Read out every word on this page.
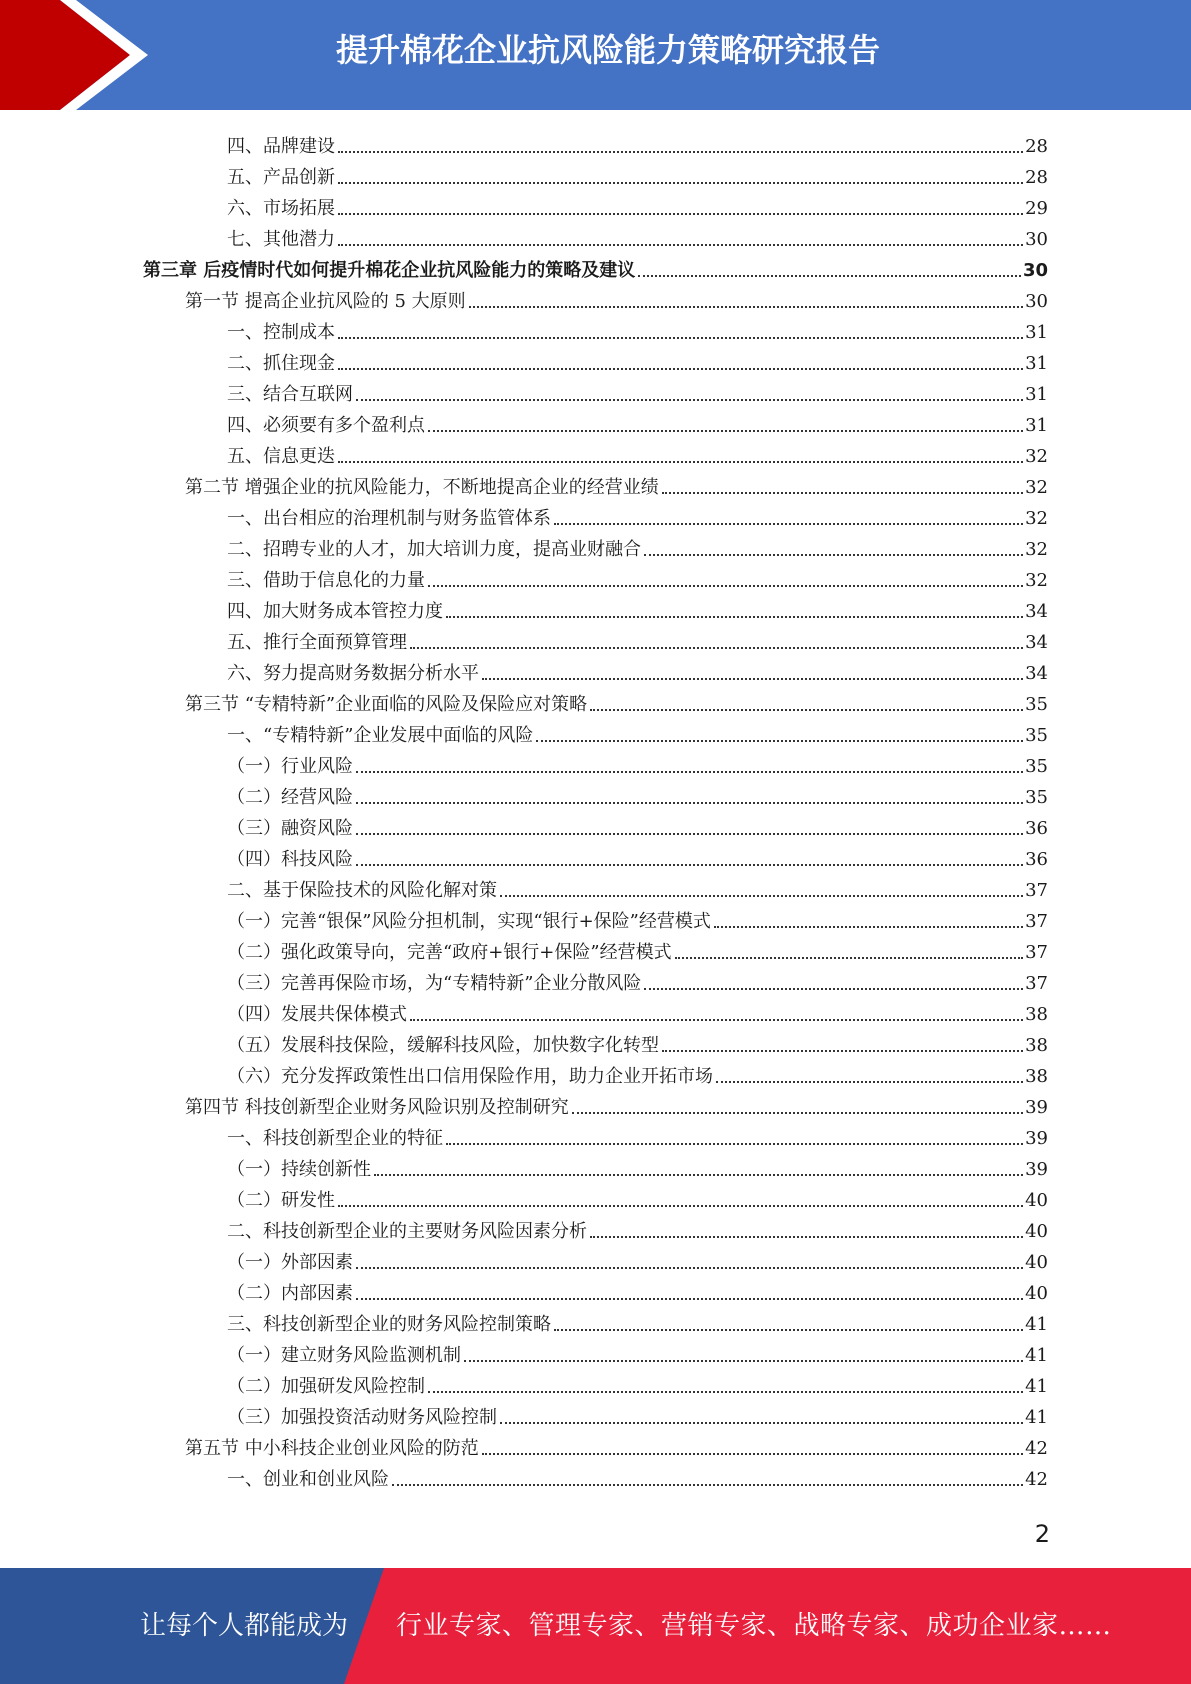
提升棉花企业抗风险能力策略研究报告
四、品牌建设	28
五、产品创新	28
六、市场拓展	29
七、其他潜力	30
第三章 后疫情时代如何提升棉花企业抗风险能力的策略及建议	30
第一节 提高企业抗风险的 5 大原则	30
一、控制成本	31
二、抓住现金	31
三、结合互联网	31
四、必须要有多个盈利点	31
五、信息更迭	32
第二节 增强企业的抗风险能力，不断地提高企业的经营业绩	32
一、出台相应的治理机制与财务监管体系	32
二、招聘专业的人才，加大培训力度，提高业财融合	32
三、借助于信息化的力量	32
四、加大财务成本管控力度	34
五、推行全面预算管理	34
六、努力提高财务数据分析水平	34
第三节 “专精特新”企业面临的风险及保险应对策略	35
一、“专精特新”企业发展中面临的风险	35
（一）行业风险	35
（二）经营风险	35
（三）融资风险	36
（四）科技风险	36
二、基于保险技术的风险化解对策	37
（一）完善“银保”风险分担机制，实现“银行+保险”经营模式	37
（二）强化政策导向，完善“政府+银行+保险”经营模式	37
（三）完善再保险市场，为“专精特新”企业分散风险	37
（四）发展共保体模式	38
（五）发展科技保险，缓解科技风险，加快数字化转型	38
（六）充分发挥政策性出口信用保险作用，助力企业开拓市场	38
第四节 科技创新型企业财务风险识别及控制研究	39
一、科技创新型企业的特征	39
（一）持续创新性	39
（二）研发性	40
二、科技创新型企业的主要财务风险因素分析	40
（一）外部因素	40
（二）内部因素	40
三、科技创新型企业的财务风险控制策略	41
（一）建立财务风险监测机制	41
（二）加强研发风险控制	41
（三）加强投资活动财务风险控制	41
第五节 中小科技企业创业风险的防范	42
一、创业和创业风险	42
2
让每个人都能成为 行业专家、管理专家、营销专家、战略专家、成功企业家……
